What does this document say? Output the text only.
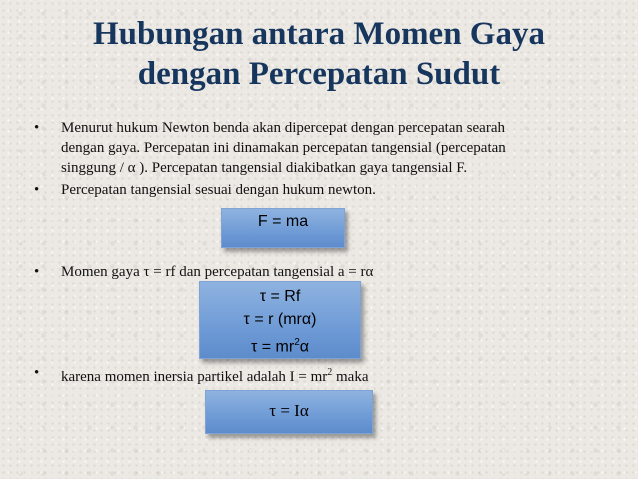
Hubungan antara Momen Gaya
dengan Percepatan Sudut
• Menurut hukum Newton benda akan dipercepat dengan percepatan searah
dengan gaya. Percepatan ini dinamakan percepatan tangensial (percepatan
singgung / α ). Percepatan tangensial diakibatkan gaya tangensial F.
• Percepatan tangensial sesuai dengan hukum newton.
F = ma
• Momen gaya τ = rf dan percepatan tangensial a = rα
τ = Rf
τ = r (mrα)
$\tau = mr^2\alpha$
• karena momen inersia partikel adalah $I = mr^2$ maka
τ = Iα
